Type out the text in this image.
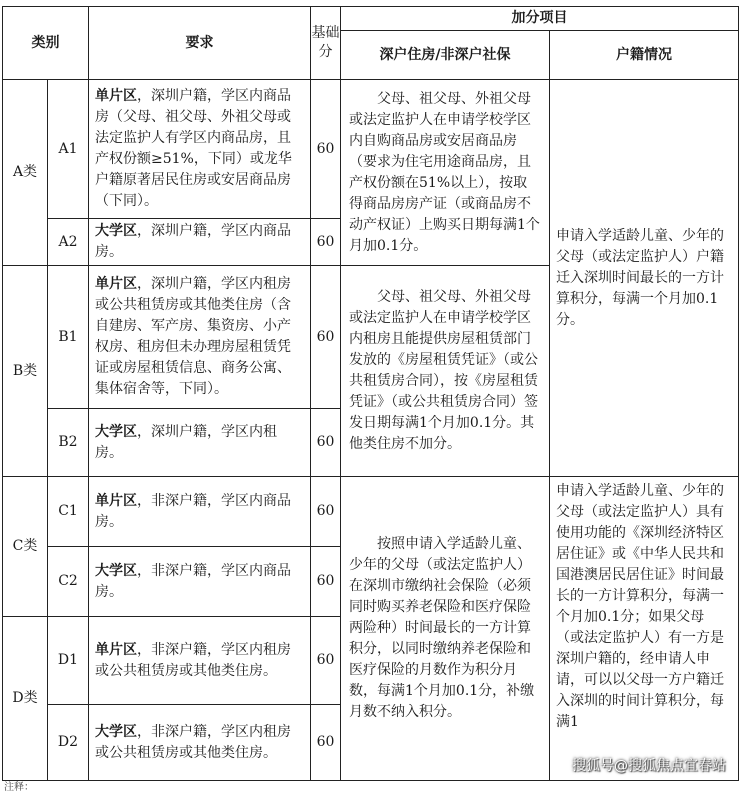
类别		要求	基础分	加分项目	
				深户住房/非深户社保	户籍情况
A类	A1	单片区，深圳户籍，学区内商品房（父母、祖父母、外祖父母或法定监护人有学区内商品房，且产权份额≥51%，下同）或龙华户籍原著居民住房或安居商品房（下同）。	60	父母、祖父母、外祖父母或法定监护人在申请学校学区内自购商品房或安居商品房（要求为住宅用途商品房，且产权份额在51%以上），按取得商品房房产证（或商品房不动产权证）上购买日期每满1个月加0.1分。	申请入学适龄儿童、少年的父母（或法定监护人）户籍迁入深圳时间最长的一方计算积分，每满一个月加0.1分。
	A2	大学区，深圳户籍，学区内商品房。	60		
B类	B1	单片区，深圳户籍，学区内租房或公共租赁房或其他类住房（含自建房、军产房、集资房、小产权房、租房但未办理房屋租赁凭证或房屋租赁信息、商务公寓、集体宿舍等，下同）。	60	父母、祖父母、外祖父母或法定监护人在申请学校学区内租房且能提供房屋租赁部门发放的《房屋租赁凭证》（或公共租赁房合同），按《房屋租赁凭证》（或公共租赁房合同）签发日期每满1个月加0.1分。其他类住房不加分。	
	B2	大学区，深圳户籍，学区内租房。	60		
C类	C1	单片区，非深户籍，学区内商品房。	60	按照申请入学适龄儿童、少年的父母（或法定监护人）在深圳市缴纳社会保险（必须同时购买养老保险和医疗保险两险种）时间最长的一方计算积分，以同时缴纳养老保险和医疗保险的月数作为积分月数，每满1个月加0.1分，补缴月数不纳入积分。	申请入学适龄儿童、少年的父母（或法定监护人）具有使用功能的《深圳经济特区居住证》或《中华人民共和国港澳居民居住证》时间最长的一方计算积分，每满一个月加0.1分；如果父母（或法定监护人）有一方是深圳户籍的，经申请人申请，可以以父母一方户籍迁入深圳的时间计算积分，每满1
	C2	大学区，非深户籍，学区内商品房。	60		
D类	D1	单片区，非深户籍，学区内租房或公共租赁房或其他类住房。	60		
	D2	大学区，非深户籍，学区内租房或公共租赁房或其他类住房。	60		
注释：
搜狐号@搜狐焦点宜春站
